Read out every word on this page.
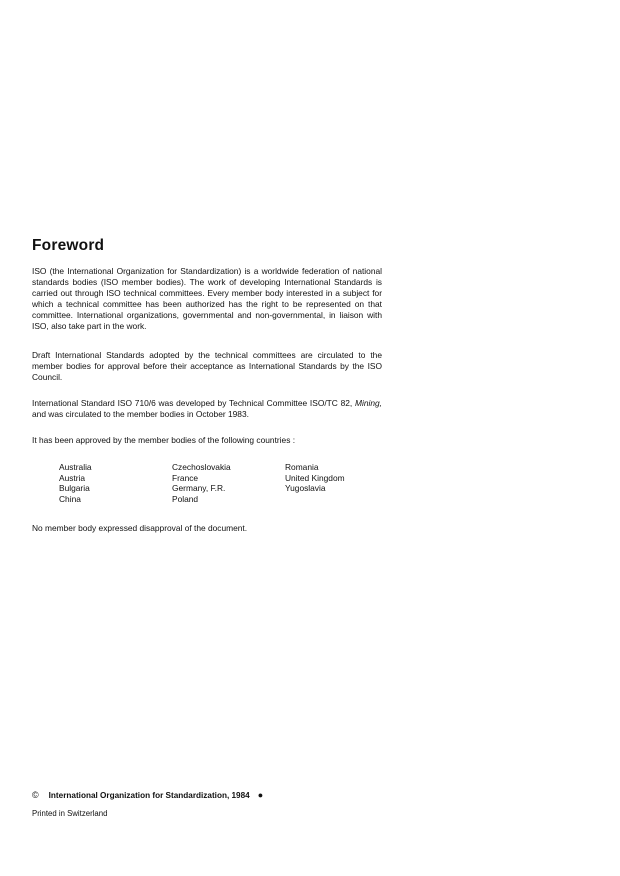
Foreword
ISO (the International Organization for Standardization) is a worldwide federation of national standards bodies (ISO member bodies). The work of developing International Standards is carried out through ISO technical committees. Every member body interested in a subject for which a technical committee has been authorized has the right to be represented on that committee. International organizations, governmental and non-governmental, in liaison with ISO, also take part in the work.
Draft International Standards adopted by the technical committees are circulated to the member bodies for approval before their acceptance as International Standards by the ISO Council.
International Standard ISO 710/6 was developed by Technical Committee ISO/TC 82, Mining, and was circulated to the member bodies in October 1983.
It has been approved by the member bodies of the following countries :
Australia	Czechoslovakia	Romania
Austria	France	United Kingdom
Bulgaria	Germany, F.R.	Yugoslavia
China	Poland
No member body expressed disapproval of the document.
© International Organization for Standardization, 1984 ●
Printed in Switzerland
